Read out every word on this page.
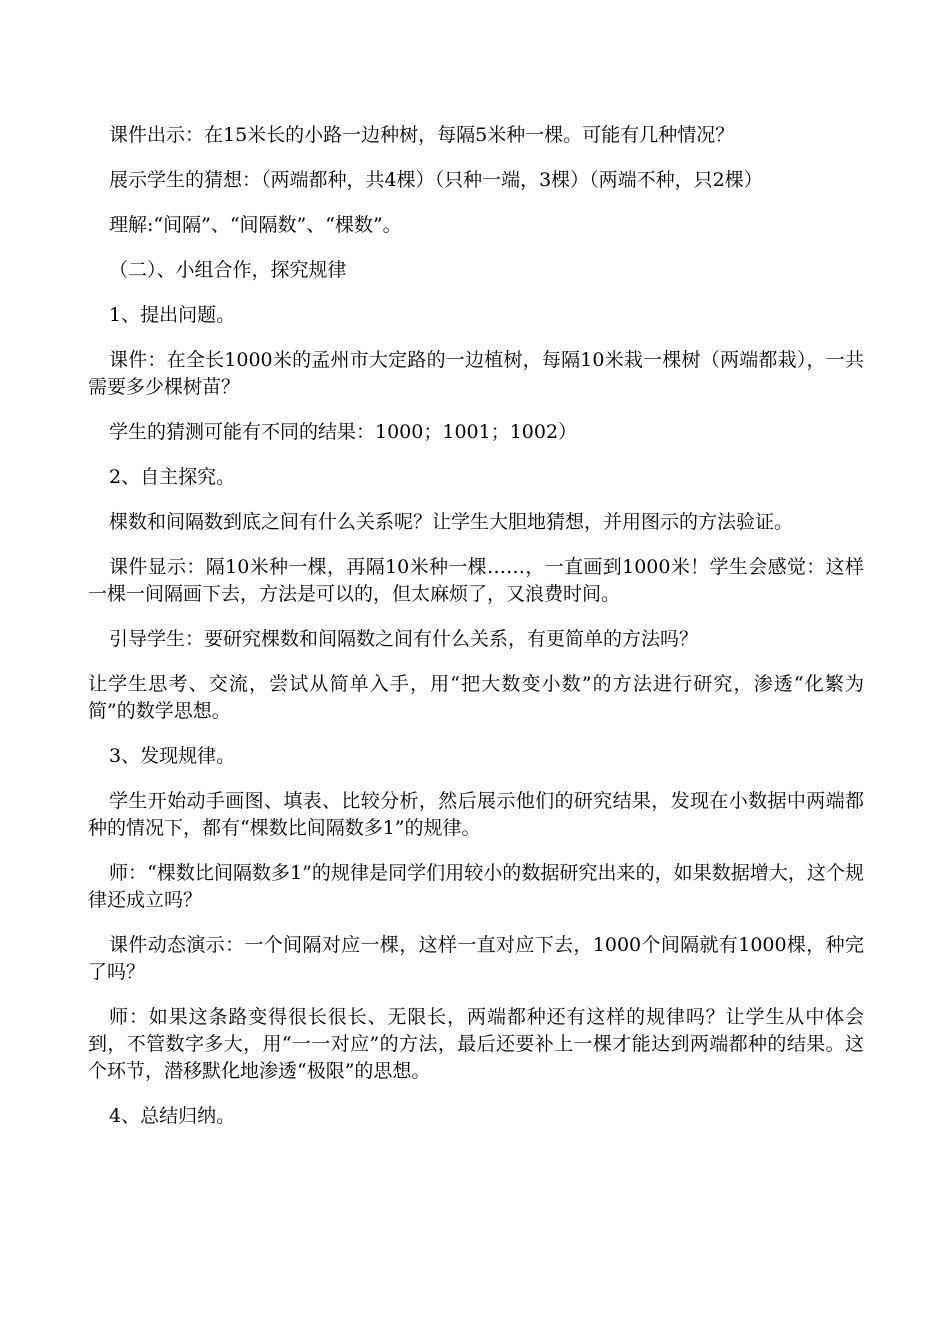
课件出示：在15米长的小路一边种树，每隔5米种一棵。可能有几种情况？

展示学生的猜想：（两端都种，共4棵）（只种一端，3棵）（两端不种，只2棵）

理解:“间隔”、“间隔数”、“棵数”。

（二）、小组合作，探究规律

1、提出问题。

课件：在全长1000米的孟州市大定路的一边植树，每隔10米栽一棵树（两端都栽），一共需要多少棵树苗？

学生的猜测可能有不同的结果：1000；1001；1002）

2、自主探究。

棵数和间隔数到底之间有什么关系呢？让学生大胆地猜想，并用图示的方法验证。

课件显示：隔10米种一棵，再隔10米种一棵……，一直画到1000米！学生会感觉：这样一棵一间隔画下去，方法是可以的，但太麻烦了，又浪费时间。

引导学生：要研究棵数和间隔数之间有什么关系，有更简单的方法吗？

让学生思考、交流，尝试从简单入手，用“把大数变小数”的方法进行研究，渗透“化繁为简”的数学思想。

3、发现规律。

学生开始动手画图、填表、比较分析，然后展示他们的研究结果，发现在小数据中两端都种的情况下，都有“棵数比间隔数多1”的规律。

师：“棵数比间隔数多1”的规律是同学们用较小的数据研究出来的，如果数据增大，这个规律还成立吗？

课件动态演示：一个间隔对应一棵，这样一直对应下去，1000个间隔就有1000棵，种完了吗？

师：如果这条路变得很长很长、无限长，两端都种还有这样的规律吗？让学生从中体会到，不管数字多大，用“一一对应”的方法，最后还要补上一棵才能达到两端都种的结果。这个环节，潜移默化地渗透“极限”的思想。

4、总结归纳。
